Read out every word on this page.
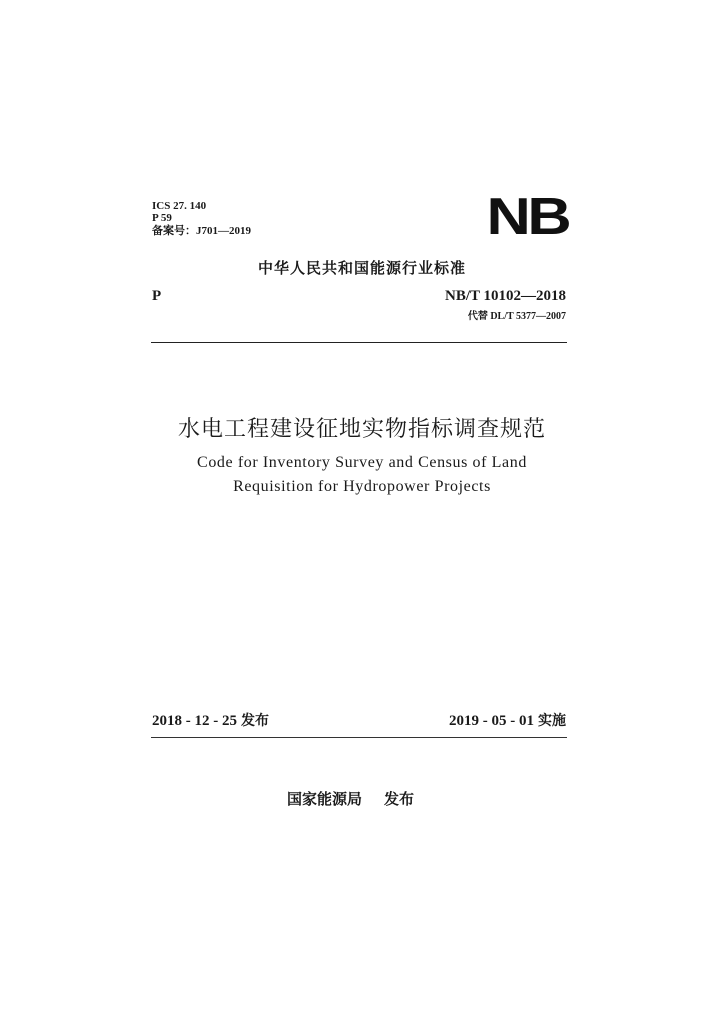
ICS 27. 140
P 59
备案号：J701—2019	NB
中华人民共和国能源行业标准
P	NB/T 10102—2018
代替 DL/T 5377—2007
水电工程建设征地实物指标调查规范
Code for Inventory Survey and Census of Land
Requisition for Hydropower Projects
2018 - 12 - 25 发布	2019 - 05 - 01 实施
国家能源局 发布
